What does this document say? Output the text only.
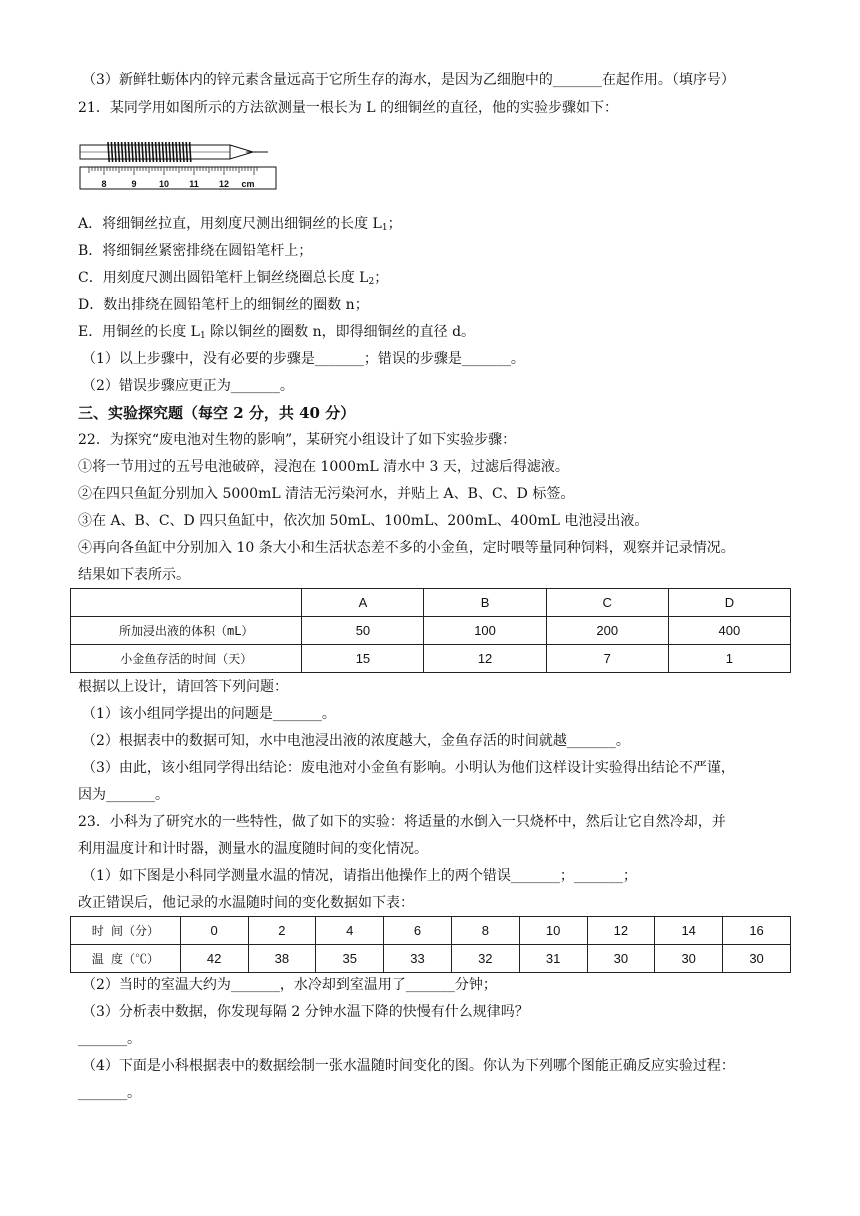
（3）新鲜牡蛎体内的锌元素含量远高于它所生存的海水，是因为乙细胞中的_______在起作用。（填序号）
21．某同学用如图所示的方法欲测量一根长为 L 的细铜丝的直径，他的实验步骤如下：
8	9 10 11 12 cm
A．将细铜丝拉直，用刻度尺测出细铜丝的长度 $L_1$；
B．将细铜丝紧密排绕在圆铅笔杆上；
C．用刻度尺测出圆铅笔杆上铜丝绕圈总长度 $L_2$；
D．数出排绕在圆铅笔杆上的细铜丝的圈数 n；
E．用铜丝的长度 $L_1$ 除以铜丝的圈数 n，即得细铜丝的直径 d。
（1）以上步骤中，没有必要的步骤是_______；错误的步骤是_______。
（2）错误步骤应更正为_______。
三、实验探究题（每空 2 分，共 40 分）
22．为探究“废电池对生物的影响”，某研究小组设计了如下实验步骤：
①将一节用过的五号电池破碎，浸泡在 1000mL 清水中 3 天，过滤后得滤液。
②在四只鱼缸分别加入 5000mL 清洁无污染河水，并贴上 A、B、C、D 标签。
③在 A、B、C、D 四只鱼缸中，依次加 50mL、100mL、200mL、400mL 电池浸出液。
④再向各鱼缸中分别加入 10 条大小和生活状态差不多的小金鱼，定时喂等量同种饲料，观察并记录情况。
结果如下表所示。
	A	B	C	D
所加浸出液的体积（mL）	50	100	200	400
小金鱼存活的时间（天）	15	12	7	1
根据以上设计，请回答下列问题：
（1）该小组同学提出的问题是_______。
（2）根据表中的数据可知，水中电池浸出液的浓度越大，金鱼存活的时间就越_______。
（3）由此，该小组同学得出结论：废电池对小金鱼有影响。小明认为他们这样设计实验得出结论不严谨，
因为_______。
23．小科为了研究水的一些特性，做了如下的实验：将适量的水倒入一只烧杯中，然后让它自然冷却，并
利用温度计和计时器，测量水的温度随时间的变化情况。
（1）如下图是小科同学测量水温的情况，请指出他操作上的两个错误_______；_______；
改正错误后，他记录的水温随时间的变化数据如下表：
时 间（分）	0	2	4	6	8	10	12	14	16
温 度（℃）	42	38	35	33	32	31	30	30	30
（2）当时的室温大约为_______，水冷却到室温用了_______分钟；
（3）分析表中数据，你发现每隔 2 分钟水温下降的快慢有什么规律吗？
_______。
（4）下面是小科根据表中的数据绘制一张水温随时间变化的图。你认为下列哪个图能正确反应实验过程：
_______。
